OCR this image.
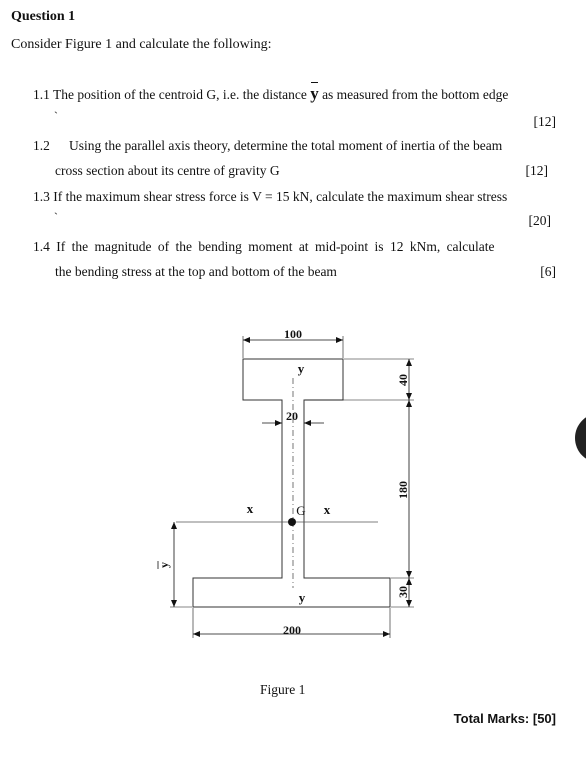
Question 1
Consider Figure 1 and calculate the following:
1.1 The position of the centroid G, i.e. the distance y as measured from the bottom edge
`	[12]
1.2 Using the parallel axis theory, determine the total moment of inertia of the beam
cross section about its centre of gravity G	[12]
1.3 If the maximum shear stress force is V = 15 kN, calculate the maximum shear stress
`	[20]
1.4 If the magnitude of the bending moment at mid-point is 12 kNm, calculate
the bending stress at the top and bottom of the beam	[6]
100
20
200
40
180
30
y
y
y
x	x
G
Figure 1
Total Marks: [50]
